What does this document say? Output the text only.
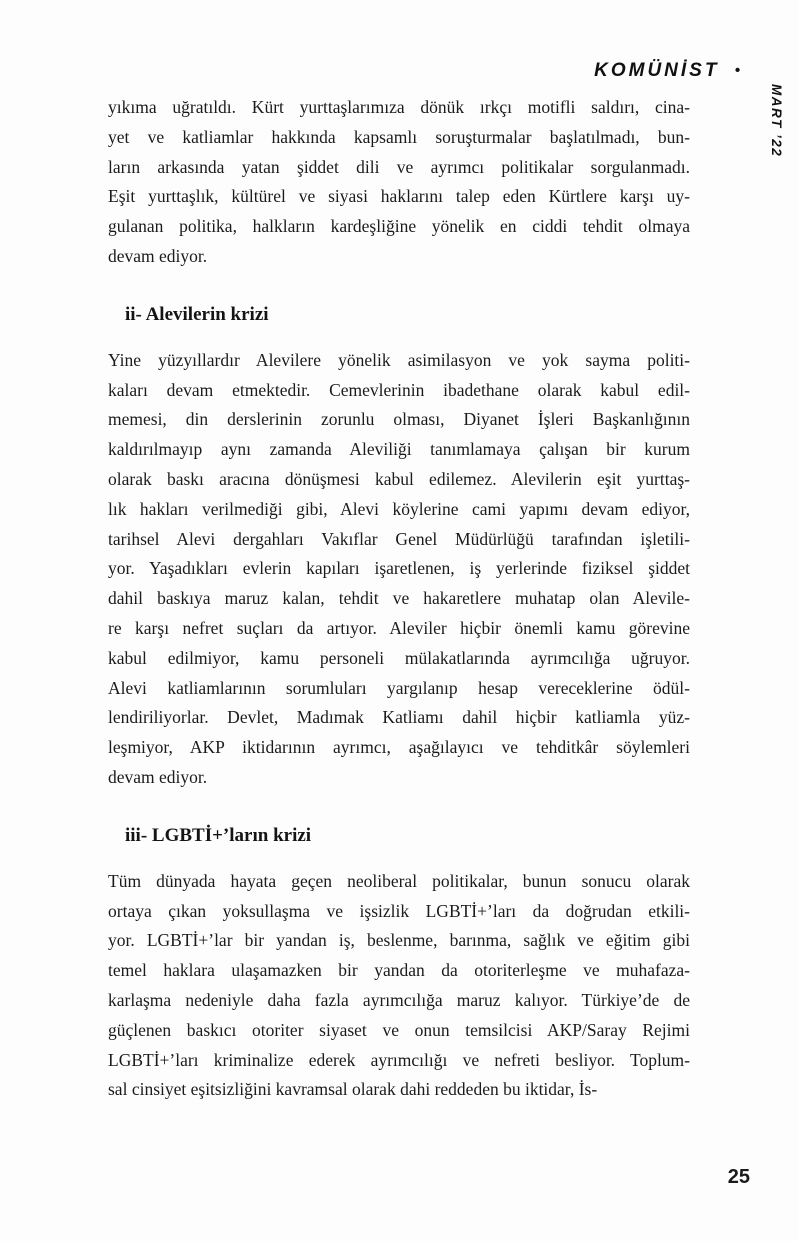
KOMÜNİST •
MART ’22

yıkıma uğratıldı. Kürt yurttaşlarımıza dönük ırkçı motifli saldırı, cina-
yet ve katliamlar hakkında kapsamlı soruşturmalar başlatılmadı, bun-
ların arkasında yatan şiddet dili ve ayrımcı politikalar sorgulanmadı.
Eşit yurttaşlık, kültürel ve siyasi haklarını talep eden Kürtlere karşı uy-
gulanan politika, halkların kardeşliğine yönelik en ciddi tehdit olmaya
devam ediyor.

ii- Alevilerin krizi

Yine yüzyıllardır Alevilere yönelik asimilasyon ve yok sayma politi-
kaları devam etmektedir. Cemevlerinin ibadethane olarak kabul edil-
memesi, din derslerinin zorunlu olması, Diyanet İşleri Başkanlığının
kaldırılmayıp aynı zamanda Aleviliği tanımlamaya çalışan bir kurum
olarak baskı aracına dönüşmesi kabul edilemez. Alevilerin eşit yurttaş-
lık hakları verilmediği gibi, Alevi köylerine cami yapımı devam ediyor,
tarihsel Alevi dergahları Vakıflar Genel Müdürlüğü tarafından işletili-
yor. Yaşadıkları evlerin kapıları işaretlenen, iş yerlerinde fiziksel şiddet
dahil baskıya maruz kalan, tehdit ve hakaretlere muhatap olan Alevile-
re karşı nefret suçları da artıyor. Aleviler hiçbir önemli kamu görevine
kabul edilmiyor, kamu personeli mülakatlarında ayrımcılığa uğruyor.
Alevi katliamlarının sorumluları yargılanıp hesap vereceklerine ödül-
lendiriliyorlar. Devlet, Madımak Katliamı dahil hiçbir katliamla yüz-
leşmiyor, AKP iktidarının ayrımcı, aşağılayıcı ve tehditkâr söylemleri
devam ediyor.

iii- LGBTİ+’ların krizi

Tüm dünyada hayata geçen neoliberal politikalar, bunun sonucu olarak
ortaya çıkan yoksullaşma ve işsizlik LGBTİ+’ları da doğrudan etkili-
yor. LGBTİ+’lar bir yandan iş, beslenme, barınma, sağlık ve eğitim gibi
temel haklara ulaşamazken bir yandan da otoriterleşme ve muhafaza-
karlaşma nedeniyle daha fazla ayrımcılığa maruz kalıyor. Türkiye’de de
güçlenen baskıcı otoriter siyaset ve onun temsilcisi AKP/Saray Rejimi
LGBTİ+’ları kriminalize ederek ayrımcılığı ve nefreti besliyor. Toplum-
sal cinsiyet eşitsizliğini kavramsal olarak dahi reddeden bu iktidar, İs-

25
